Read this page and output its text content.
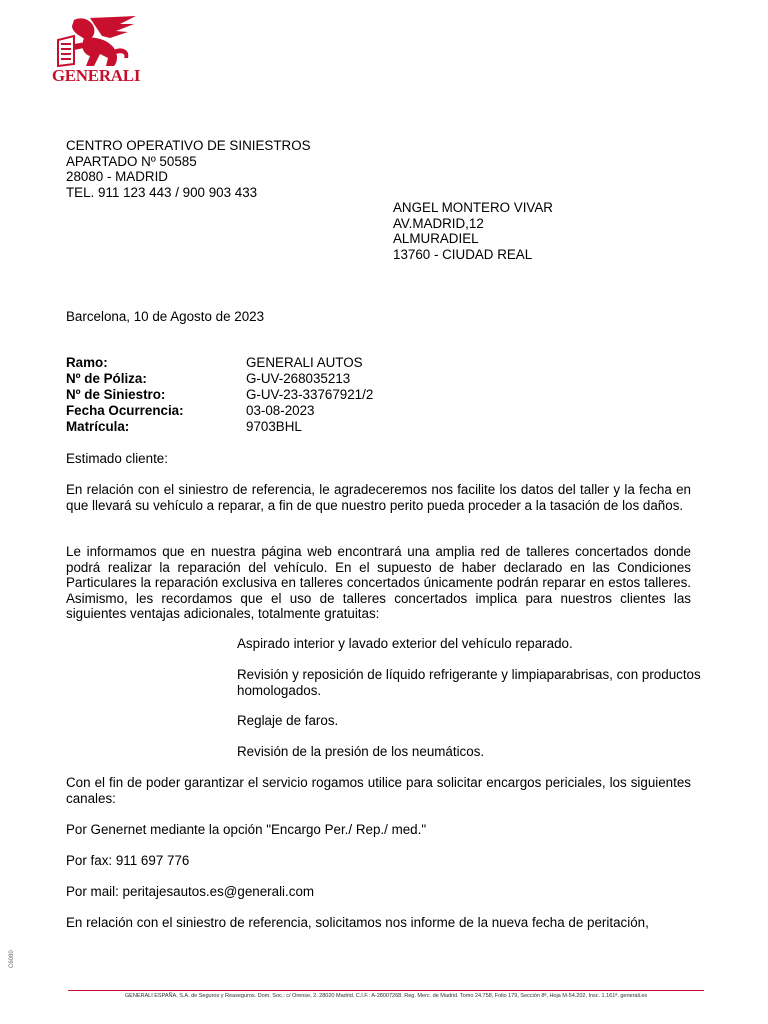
GENERALI
CENTRO OPERATIVO DE SINIESTROS
APARTADO Nº 50585
28080 - MADRID
TEL. 911 123 443 / 900 903 433
ANGEL MONTERO VIVAR
AV.MADRID,12
ALMURADIEL
13760 - CIUDAD REAL
Barcelona, 10 de Agosto de 2023
Ramo:	GENERALI AUTOS
Nº de Póliza:	G-UV-268035213
Nº de Siniestro:	G-UV-23-33767921/2
Fecha Ocurrencia:	03-08-2023
Matrícula:	9703BHL
Estimado cliente:
En relación con el siniestro de referencia, le agradeceremos nos facilite los datos del taller y la fecha en que llevará su vehículo a reparar, a fin de que nuestro perito pueda proceder a la tasación de los daños.
Le informamos que en nuestra página web encontrará una amplia red de talleres concertados donde podrá realizar la reparación del vehículo. En el supuesto de haber declarado en las Condiciones Particulares la reparación exclusiva en talleres concertados únicamente podrán reparar en estos talleres. Asimismo, les recordamos que el uso de talleres concertados implica para nuestros clientes las siguientes ventajas adicionales, totalmente gratuitas:
Aspirado interior y lavado exterior del vehículo reparado.
Revisión y reposición de líquido refrigerante y limpiaparabrisas, con productos homologados.
Reglaje de faros.
Revisión de la presión de los neumáticos.
Con el fin de poder garantizar el servicio rogamos utilice para solicitar encargos periciales, los siguientes canales:
Por Genernet mediante la opción "Encargo Per./ Rep./ med."
Por fax: 911 697 776
Por mail: peritajesautos.es@generali.com
En relación con el siniestro de referencia, solicitamos nos informe de la nueva fecha de peritación,
C6080
GENERALI ESPAÑA, S.A. de Seguros y Reaseguros. Dom. Soc.: c/ Orense, 2. 28020 Madrid. C.I.F.: A-28007268. Reg. Merc. de Madrid. Tomo 24.758, Folio 179, Sección 8ª, Hoja M-54.202, Insc. 1.161ª. generali.es
